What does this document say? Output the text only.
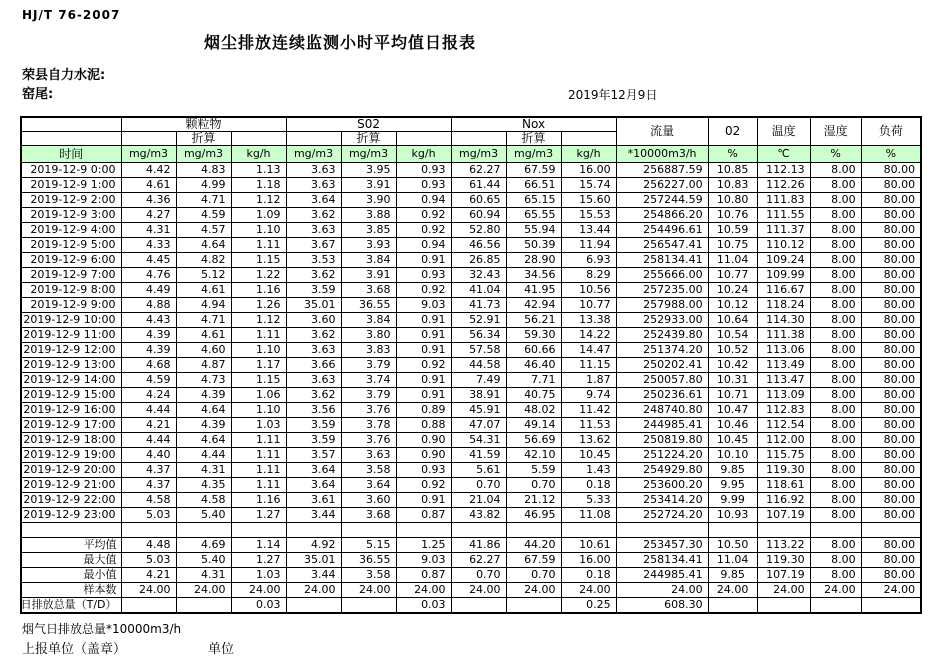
HJ/T 76-2007
烟尘排放连续监测小时平均值日报表
荣县自力水泥:
窑尾:	2019年12月9日
	颗粒物			S02			Nox			流量	02	温度	湿度	负荷
		折算			折算			折算						
时间	mg/m3	mg/m3	kg/h	mg/m3	mg/m3	kg/h	mg/m3	mg/m3	kg/h	*10000m3/h	%	℃	%	%
2019-12-9 0:00	4.42	4.83	1.13	3.63	3.95	0.93	62.27	67.59	16.00	256887.59	10.85	112.13	8.00	80.00
2019-12-9 1:00	4.61	4.99	1.18	3.63	3.91	0.93	61.44	66.51	15.74	256227.00	10.83	112.26	8.00	80.00
2019-12-9 2:00	4.36	4.71	1.12	3.64	3.90	0.94	60.65	65.15	15.60	257244.59	10.80	111.83	8.00	80.00
2019-12-9 3:00	4.27	4.59	1.09	3.62	3.88	0.92	60.94	65.55	15.53	254866.20	10.76	111.55	8.00	80.00
2019-12-9 4:00	4.31	4.57	1.10	3.63	3.85	0.92	52.80	55.94	13.44	254496.61	10.59	111.37	8.00	80.00
2019-12-9 5:00	4.33	4.64	1.11	3.67	3.93	0.94	46.56	50.39	11.94	256547.41	10.75	110.12	8.00	80.00
2019-12-9 6:00	4.45	4.82	1.15	3.53	3.84	0.91	26.85	28.90	6.93	258134.41	11.04	109.24	8.00	80.00
2019-12-9 7:00	4.76	5.12	1.22	3.62	3.91	0.93	32.43	34.56	8.29	255666.00	10.77	109.99	8.00	80.00
2019-12-9 8:00	4.49	4.61	1.16	3.59	3.68	0.92	41.04	41.95	10.56	257235.00	10.24	116.67	8.00	80.00
2019-12-9 9:00	4.88	4.94	1.26	35.01	36.55	9.03	41.73	42.94	10.77	257988.00	10.12	118.24	8.00	80.00
2019-12-9 10:00	4.43	4.71	1.12	3.60	3.84	0.91	52.91	56.21	13.38	252933.00	10.64	114.30	8.00	80.00
2019-12-9 11:00	4.39	4.61	1.11	3.62	3.80	0.91	56.34	59.30	14.22	252439.80	10.54	111.38	8.00	80.00
2019-12-9 12:00	4.39	4.60	1.10	3.63	3.83	0.91	57.58	60.66	14.47	251374.20	10.52	113.06	8.00	80.00
2019-12-9 13:00	4.68	4.87	1.17	3.66	3.79	0.92	44.58	46.40	11.15	250202.41	10.42	113.49	8.00	80.00
2019-12-9 14:00	4.59	4.73	1.15	3.63	3.74	0.91	7.49	7.71	1.87	250057.80	10.31	113.47	8.00	80.00
2019-12-9 15:00	4.24	4.39	1.06	3.62	3.79	0.91	38.91	40.75	9.74	250236.61	10.71	113.09	8.00	80.00
2019-12-9 16:00	4.44	4.64	1.10	3.56	3.76	0.89	45.91	48.02	11.42	248740.80	10.47	112.83	8.00	80.00
2019-12-9 17:00	4.21	4.39	1.03	3.59	3.78	0.88	47.07	49.14	11.53	244985.41	10.46	112.54	8.00	80.00
2019-12-9 18:00	4.44	4.64	1.11	3.59	3.76	0.90	54.31	56.69	13.62	250819.80	10.45	112.00	8.00	80.00
2019-12-9 19:00	4.40	4.44	1.11	3.57	3.63	0.90	41.59	42.10	10.45	251224.20	10.10	115.75	8.00	80.00
2019-12-9 20:00	4.37	4.31	1.11	3.64	3.58	0.93	5.61	5.59	1.43	254929.80	9.85	119.30	8.00	80.00
2019-12-9 21:00	4.37	4.35	1.11	3.64	3.64	0.92	0.70	0.70	0.18	253600.20	9.95	118.61	8.00	80.00
2019-12-9 22:00	4.58	4.58	1.16	3.61	3.60	0.91	21.04	21.12	5.33	253414.20	9.99	116.92	8.00	80.00
2019-12-9 23:00	5.03	5.40	1.27	3.44	3.68	0.87	43.82	46.95	11.08	252724.20	10.93	107.19	8.00	80.00

平均值	4.48	4.69	1.14	4.92	5.15	1.25	41.86	44.20	10.61	253457.30	10.50	113.22	8.00	80.00

最大值	5.03	5.40	1.27	35.01	36.55	9.03	62.27	67.59	16.00	258134.41	11.04	119.30	8.00	80.00

最小值	4.21	4.31	1.03	3.44	3.58	0.87	0.70	0.70	0.18	244985.41	9.85	107.19	8.00	80.00

样本数	24.00	24.00	24.00	24.00	24.00	24.00	24.00	24.00	24.00	24.00	24.00	24.00	24.00	24.00

日排放总量（T/D）			0.03			0.03			0.25	608.30				
烟气日排放总量*10000m3/h
上报单位（盖章）	单位
